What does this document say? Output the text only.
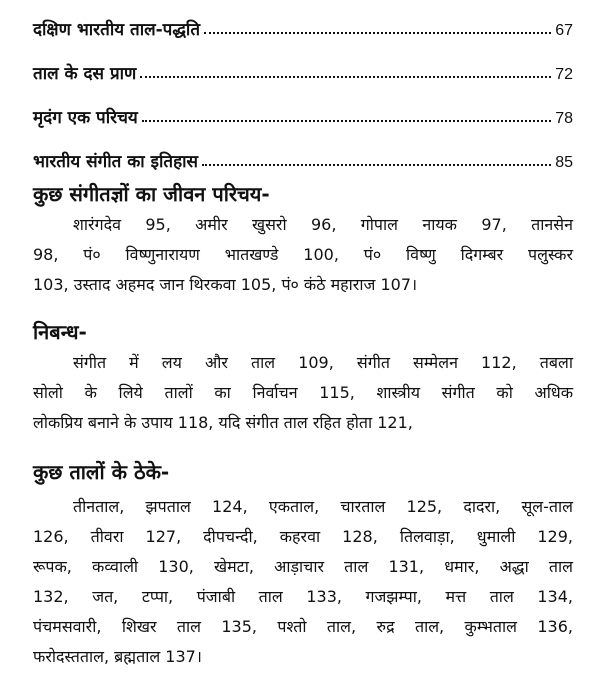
दक्षिण भारतीय ताल-पद्धति	67
ताल के दस प्राण	72
मृदंग एक परिचय	78
भारतीय संगीत का इतिहास	85
कुछ संगीतज्ञों का जीवन परिचय-
शारंगदेव 95, अमीर खुसरो 96, गोपाल नायक 97, तानसेन
98, पं० विष्णुनारायण भातखण्डे 100, पं० विष्णु दिगम्बर पलुस्कर
103, उस्ताद अहमद जान थिरकवा 105, पं० कंठे महाराज 107।
निबन्ध-
संगीत में लय और ताल 109, संगीत सम्मेलन 112, तबला
सोलो के लिये तालों का निर्वाचन 115, शास्त्रीय संगीत को अधिक
लोकप्रिय बनाने के उपाय 118, यदि संगीत ताल रहित होता 121,
कुछ तालों के ठेके-
तीनताल, झपताल 124, एकताल, चारताल 125, दादरा, सूल-ताल
126, तीवरा 127, दीपचन्दी, कहरवा 128, तिलवाड़ा, धुमाली 129,
रूपक, कव्वाली 130, खेमटा, आड़ाचार ताल 131, धमार, अद्धा ताल
132, जत, टप्पा, पंजाबी ताल 133, गजझम्पा, मत्त ताल 134,
पंचमसवारी, शिखर ताल 135, पश्तो ताल, रुद्र ताल, कुम्भताल 136,
फरोदस्तताल, ब्रह्मताल 137।
